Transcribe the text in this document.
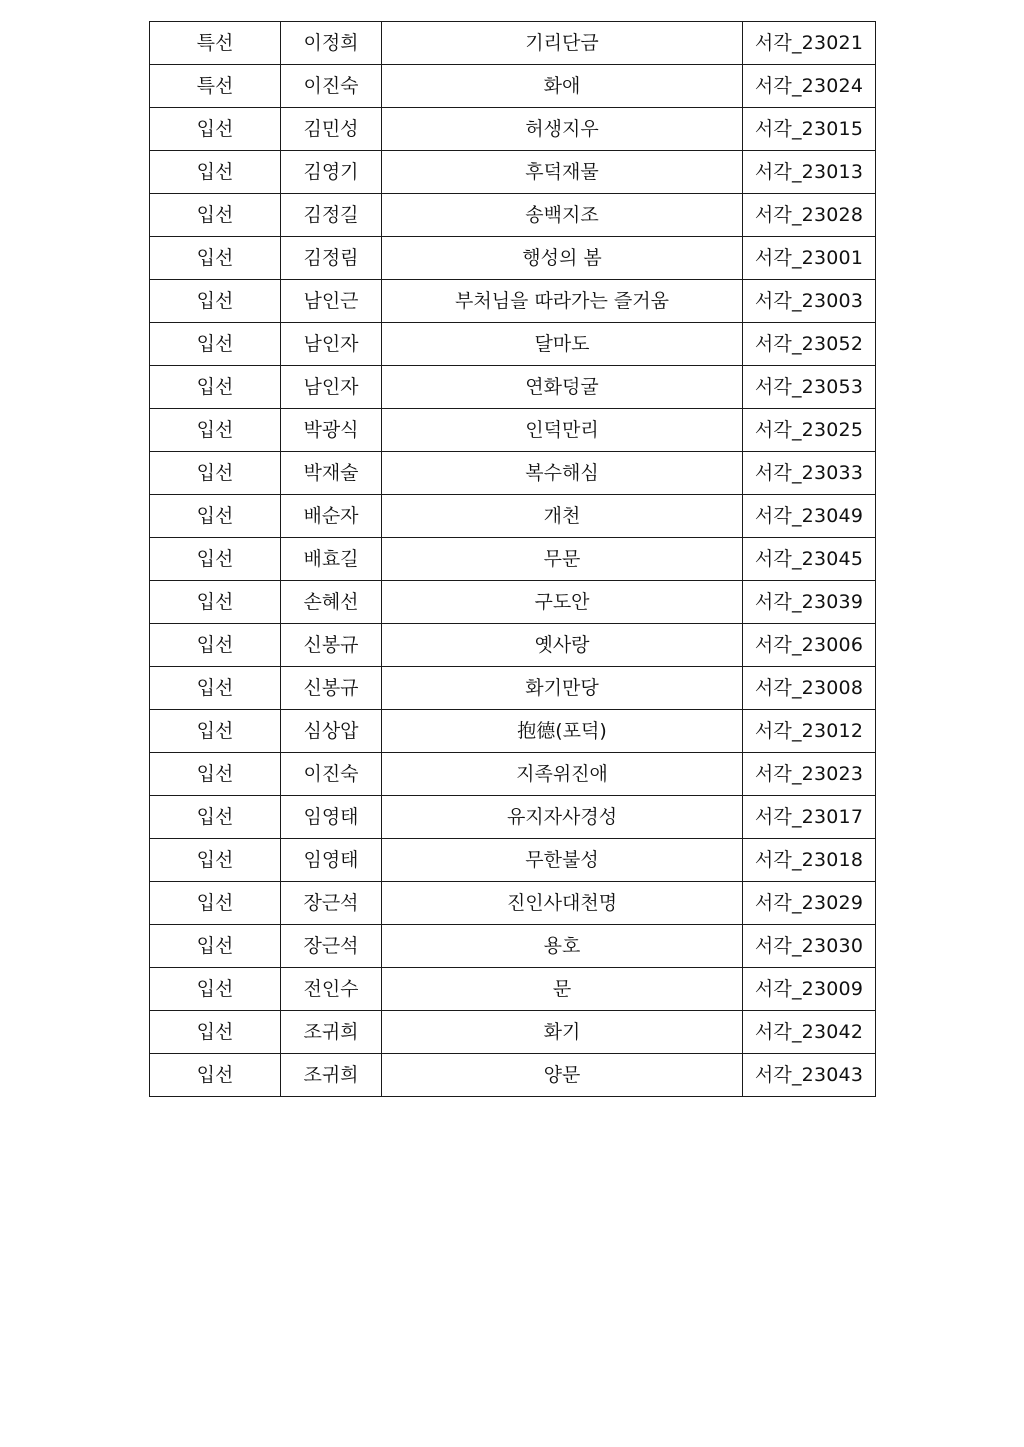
특선	이정희	기리단금	서각_23021
특선	이진숙	화애	서각_23024
입선	김민성	허생지우	서각_23015
입선	김영기	후덕재물	서각_23013
입선	김정길	송백지조	서각_23028
입선	김정림	행성의 봄	서각_23001
입선	남인근	부처님을 따라가는 즐거움	서각_23003
입선	남인자	달마도	서각_23052
입선	남인자	연화덩굴	서각_23053
입선	박광식	인덕만리	서각_23025
입선	박재술	복수해심	서각_23033
입선	배순자	개천	서각_23049
입선	배효길	무문	서각_23045
입선	손혜선	구도안	서각_23039
입선	신봉규	옛사랑	서각_23006
입선	신봉규	화기만당	서각_23008
입선	심상압	抱德(포덕)	서각_23012
입선	이진숙	지족위진애	서각_23023
입선	임영태	유지자사경성	서각_23017
입선	임영태	무한불성	서각_23018
입선	장근석	진인사대천명	서각_23029
입선	장근석	용호	서각_23030
입선	전인수	문	서각_23009
입선	조귀희	화기	서각_23042
입선	조귀희	양문	서각_23043
